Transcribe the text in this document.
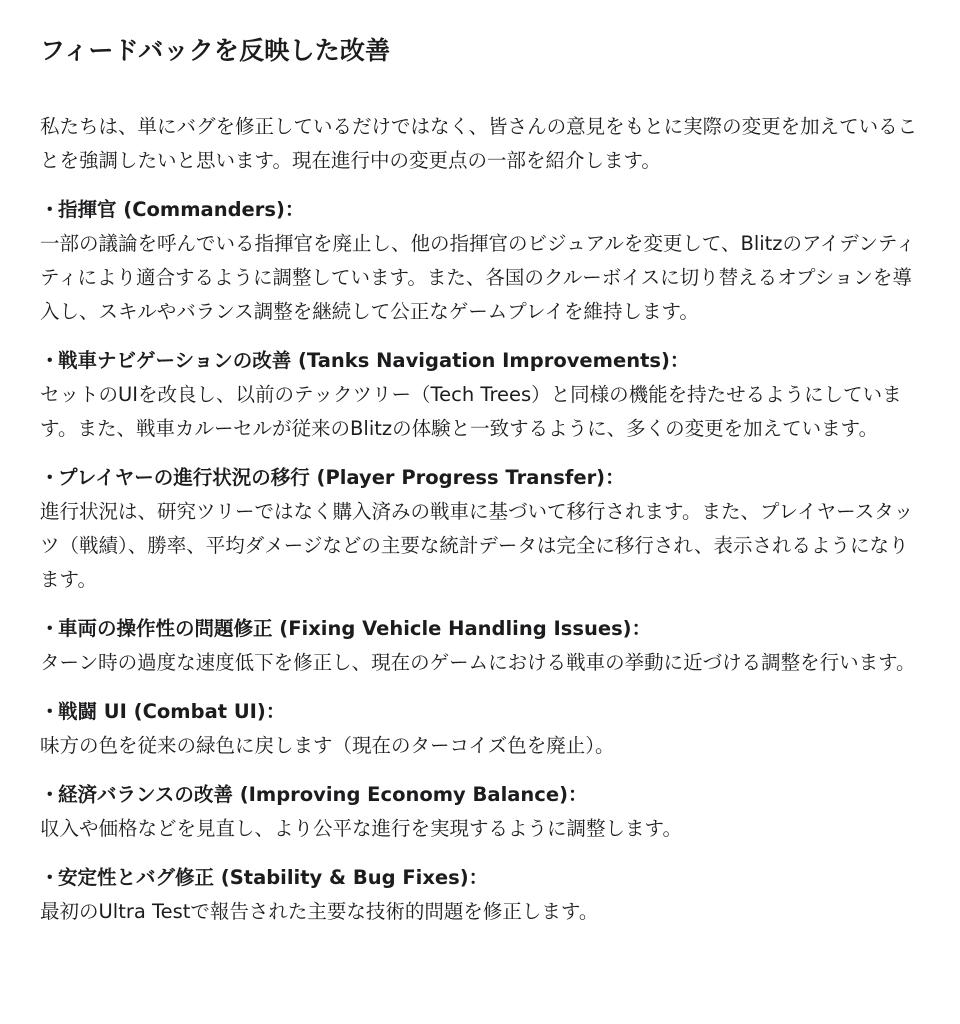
フィードバックを反映した改善

私たちは、単にバグを修正しているだけではなく、皆さんの意見をもとに実際の変更を加えていることを強調したいと思います。現在進行中の変更点の一部を紹介します。

・
指揮官 (Commanders)：

一部の議論を呼んでいる指揮官を廃止し、他の指揮官のビジュアルを変更して、Blitzのアイデンティティにより適合するように調整しています。また、各国のクルーボイスに切り替えるオプションを導入し、スキルやバランス調整を継続して公正なゲームプレイを維持します。

・
戦車ナビゲーションの改善 (Tanks Navigation Improvements)：

セットのUIを改良し、以前のテックツリー（Tech Trees）と同様の機能を持たせるようにしています。また、戦車カルーセルが従来のBlitzの体験と一致するように、多くの変更を加えています。

・
プレイヤーの進行状況の移行 (Player Progress Transfer)：

進行状況は、研究ツリーではなく購入済みの戦車に基づいて移行されます。また、プレイヤースタッツ（戦績）、勝率、平均ダメージなどの主要な統計データは完全に移行され、表示されるようになります。

・
車両の操作性の問題修正 (Fixing Vehicle Handling Issues)：

ターン時の過度な速度低下を修正し、現在のゲームにおける戦車の挙動に近づける調整を行います。

・
戦闘 UI (Combat UI)：

味方の色を従来の緑色に戻します（現在のターコイズ色を廃止）。

・
経済バランスの改善 (Improving Economy Balance)：

収入や価格などを見直し、より公平な進行を実現するように調整します。

・
安定性とバグ修正 (Stability & Bug Fixes)：

最初のUltra Testで報告された主要な技術的問題を修正します。
